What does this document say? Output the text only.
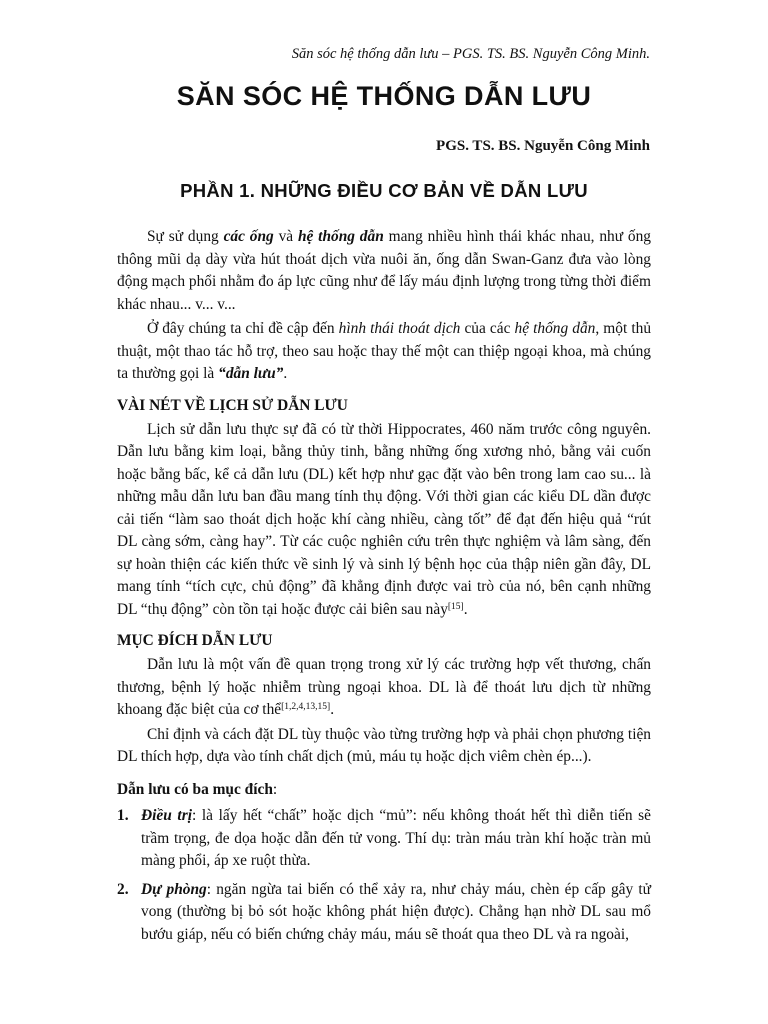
Săn sóc hệ thống dẫn lưu – PGS. TS. BS. Nguyễn Công Minh.
SĂN SÓC HỆ THỐNG DẪN LƯU
PGS. TS. BS. Nguyễn Công Minh
PHẦN 1. NHỮNG ĐIỀU CƠ BẢN VỀ DẪN LƯU

Sự sử dụng các ống và hệ thống dẫn mang nhiều hình thái khác nhau, như ống thông mũi dạ dày vừa hút thoát dịch vừa nuôi ăn, ống dẫn Swan-Ganz đưa vào lòng động mạch phổi nhằm đo áp lực cũng như để lấy máu định lượng trong từng thời điểm khác nhau... v... v...

Ở đây chúng ta chỉ đề cập đến hình thái thoát dịch của các hệ thống dẫn, một thủ thuật, một thao tác hỗ trợ, theo sau hoặc thay thế một can thiệp ngoại khoa, mà chúng ta thường gọi là “dẫn lưu”.

VÀI NÉT VỀ LỊCH SỬ DẪN LƯU

Lịch sử dẫn lưu thực sự đã có từ thời Hippocrates, 460 năm trước công nguyên. Dẫn lưu bằng kim loại, bằng thủy tinh, bằng những ống xương nhỏ, bằng vải cuốn hoặc bằng bấc, kể cả dẫn lưu (DL) kết hợp như gạc đặt vào bên trong lam cao su... là những mẫu dẫn lưu ban đầu mang tính thụ động. Với thời gian các kiểu DL dần được cải tiến “làm sao thoát dịch hoặc khí càng nhiều, càng tốt” để đạt đến hiệu quả “rút DL càng sớm, càng hay”. Từ các cuộc nghiên cứu trên thực nghiệm và lâm sàng, đến sự hoàn thiện các kiến thức về sinh lý và sinh lý bệnh học của thập niên gần đây, DL mang tính “tích cực, chủ động” đã khẳng định được vai trò của nó, bên cạnh những DL “thụ động” còn tồn tại hoặc được cải biên sau này[15].

MỤC ĐÍCH DẪN LƯU

Dẫn lưu là một vấn đề quan trọng trong xử lý các trường hợp vết thương, chấn thương, bệnh lý hoặc nhiễm trùng ngoại khoa. DL là để thoát lưu dịch từ những khoang đặc biệt của cơ thể[1,2,4,13,15].

Chỉ định và cách đặt DL tùy thuộc vào từng trường hợp và phải chọn phương tiện DL thích hợp, dựa vào tính chất dịch (mủ, máu tụ hoặc dịch viêm chèn ép...).

Dẫn lưu có ba mục đích:

1. Điều trị: là lấy hết “chất” hoặc dịch “mủ”: nếu không thoát hết thì diễn tiến sẽ trầm trọng, đe dọa hoặc dẫn đến tử vong. Thí dụ: tràn máu tràn khí hoặc tràn mủ màng phổi, áp xe ruột thừa.
2. Dự phòng: ngăn ngừa tai biến có thể xảy ra, như chảy máu, chèn ép cấp gây tử vong (thường bị bỏ sót hoặc không phát hiện được). Chẳng hạn nhờ DL sau mổ bướu giáp, nếu có biến chứng chảy máu, máu sẽ thoát qua theo DL và ra ngoài,
